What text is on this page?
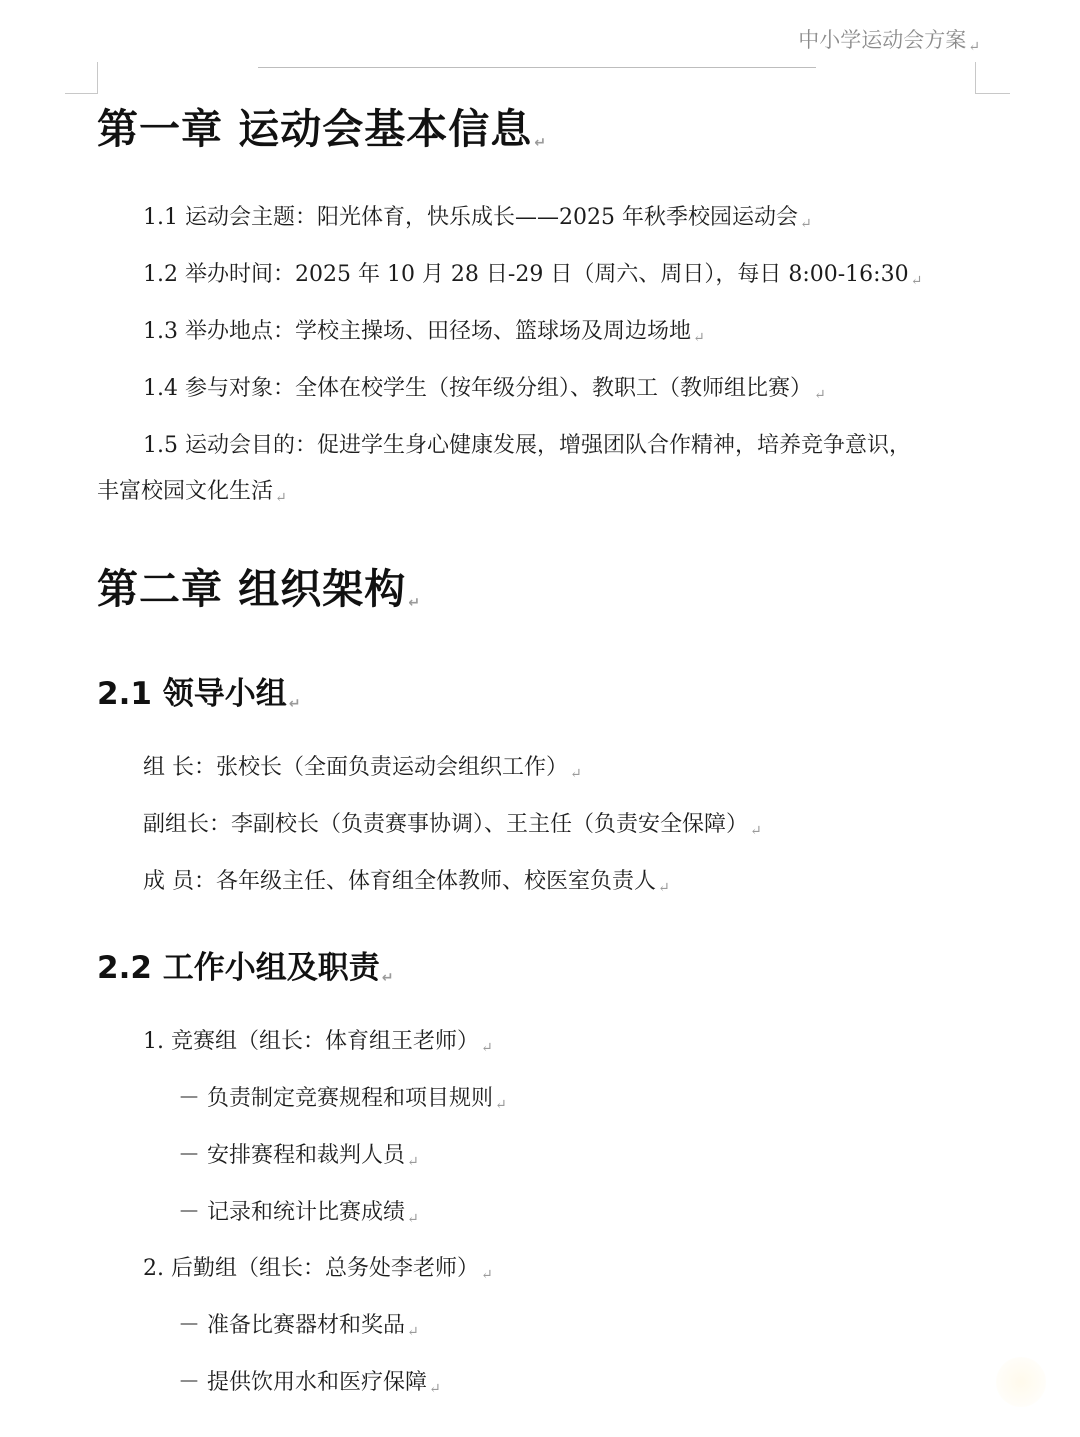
中小学运动会方案 ↵
第一章 运动会基本信息 ↵
1.1 运动会主题：阳光体育，快乐成长——2025 年秋季校园运动会 ↵
1.2 举办时间：2025 年 10 月 28 日-29 日（周六、周日），每日 8:00-16:30 ↵
1.3 举办地点：学校主操场、田径场、篮球场及周边场地 ↵
1.4 参与对象：全体在校学生（按年级分组）、教职工（教师组比赛） ↵
1.5 运动会目的：促进学生身心健康发展，增强团队合作精神，培养竞争意识，
丰富校园文化生活 ↵
第二章 组织架构 ↵
2.1 领导小组 ↵
组 长：张校长（全面负责运动会组织工作） ↵
副组长：李副校长（负责赛事协调）、王主任（负责安全保障） ↵
成 员：各年级主任、体育组全体教师、校医室负责人 ↵
2.2 工作小组及职责 ↵
1. 竞赛组（组长：体育组王老师） ↵
－ 负责制定竞赛规程和项目规则 ↵
－ 安排赛程和裁判人员 ↵
－ 记录和统计比赛成绩 ↵
2. 后勤组（组长：总务处李老师） ↵
－ 准备比赛器材和奖品 ↵
－ 提供饮用水和医疗保障 ↵
